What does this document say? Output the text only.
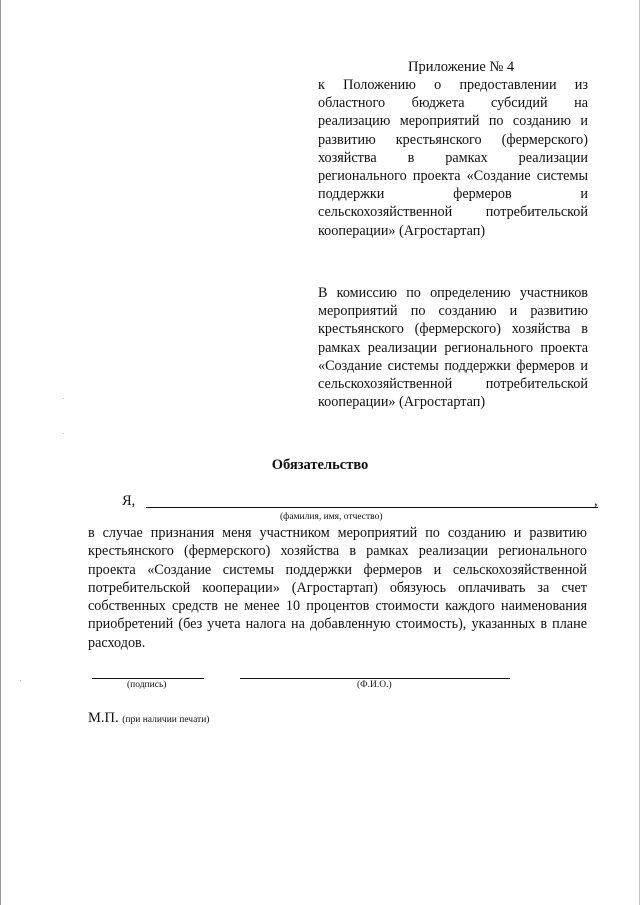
Приложение № 4

к Положению о предоставлении из областного бюджета субсидий на реализацию мероприятий по созданию и развитию крестьянского (фермерского) хозяйства в рамках реализации регионального проекта «Создание системы поддержки фермеров и сельскохозяйственной потребительской кооперации» (Агростартап)

В комиссию по определению участников мероприятий по созданию и развитию крестьянского (фермерского) хозяйства в рамках реализации регионального проекта «Создание системы поддержки фермеров и сельскохозяйственной потребительской кооперации» (Агростартап)

Обязательство

Я,	,

(фамилия, имя, отчество)

в случае признания меня участником мероприятий по созданию и развитию крестьянского (фермерского) хозяйства в рамках реализации регионального проекта «Создание системы поддержки фермеров и сельскохозяйственной потребительской кооперации» (Агростартап) обязуюсь оплачивать за счет собственных средств не менее 10 процентов стоимости каждого наименования приобретений (без учета налога на добавленную стоимость), указанных в плане расходов.

(подпись)	(Ф.И.О.)

М.П. (при наличии печати)
